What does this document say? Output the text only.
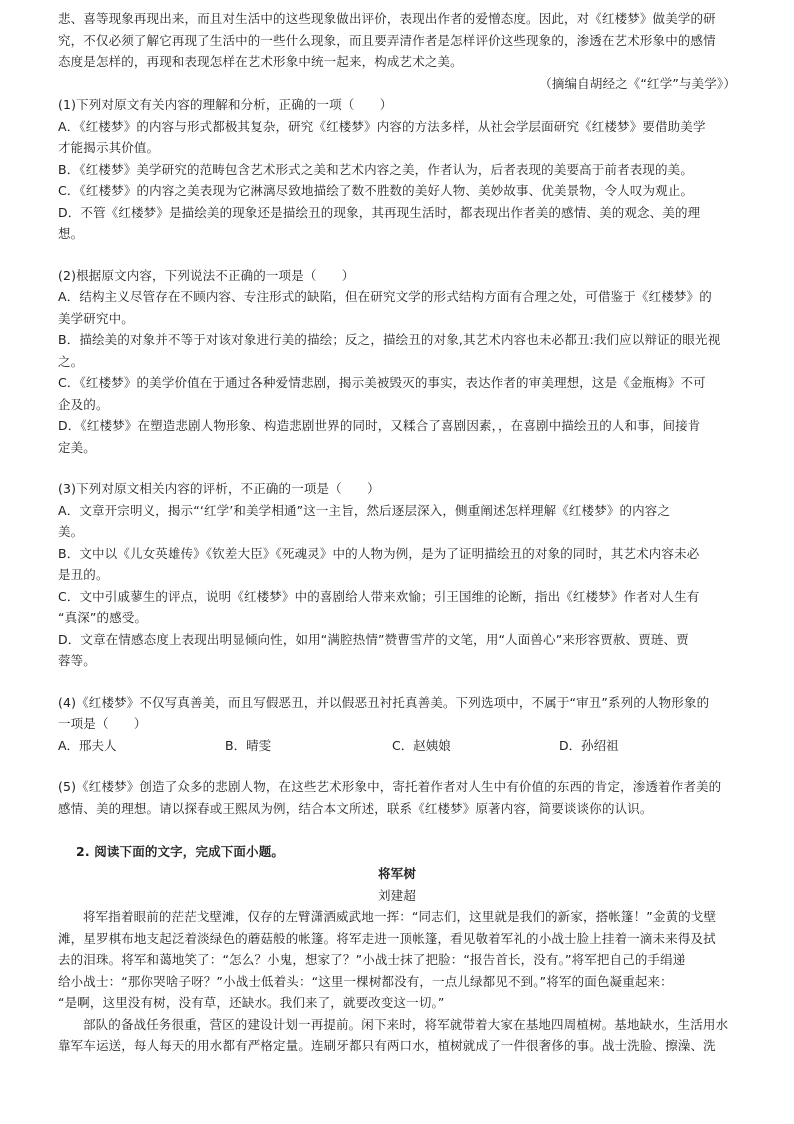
悲、喜等现象再现出来，而且对生活中的这些现象做出评价，表现出作者的爱憎态度。因此，对《红楼梦》做美学的研

究，不仅必须了解它再现了生活中的一些什么现象，而且要弄清作者是怎样评价这些现象的，渗透在艺术形象中的感情

态度是怎样的，再现和表现怎样在艺术形象中统一起来，构成艺术之美。

（摘编自胡经之《“红学”与美学》）

(1)下列对原文有关内容的理解和分析，正确的一项（　　）

A．《红楼梦》的内容与形式都极其复杂，研究《红楼梦》内容的方法多样，从社会学层面研究《红楼梦》要借助美学

才能揭示其价值。

B．《红楼梦》美学研究的范畴包含艺术形式之美和艺术内容之美，作者认为，后者表现的美要高于前者表现的美。

C．《红楼梦》的内容之美表现为它淋漓尽致地描绘了数不胜数的美好人物、美妙故事、优美景物，令人叹为观止。

D．不管《红楼梦》是描绘美的现象还是描绘丑的现象，其再现生活时，都表现出作者美的感情、美的观念、美的理

想。

(2)根据原文内容，下列说法不正确的一项是（　　）

A．结构主义尽管存在不顾内容、专注形式的缺陷，但在研究文学的形式结构方面有合理之处，可借鉴于《红楼梦》的

美学研究中。

B．描绘美的对象并不等于对该对象进行美的描绘；反之，描绘丑的对象,其艺术内容也未必都丑:我们应以辩证的眼光视

之。

C．《红楼梦》的美学价值在于通过各种爱情悲剧，揭示美被毁灭的事实，表达作者的审美理想，这是《金瓶梅》不可

企及的。

D．《红楼梦》在塑造悲剧人物形象、构造悲剧世界的同时，又糅合了喜剧因素，，在喜剧中描绘丑的人和事，间接肯

定美。

(3)下列对原文相关内容的评析，不正确的一项是（　　）

A．文章开宗明义，揭示“‘红学’和美学相通”这一主旨，然后逐层深入，侧重阐述怎样理解《红楼梦》的内容之

美。

B．文中以《儿女英雄传》《钦差大臣》《死魂灵》中的人物为例，是为了证明描绘丑的对象的同时，其艺术内容未必

是丑的。

C．文中引戚蓼生的评点，说明《红楼梦》中的喜剧给人带来欢愉；引王国维的论断，指出《红楼梦》作者对人生有

“真深”的感受。

D．文章在情感态度上表现出明显倾向性，如用“满腔热情”赞曹雪芹的文笔，用“人面兽心”来形容贾赦、贾琏、贾

蓉等。

(4)《红楼梦》不仅写真善美，而且写假恶丑，并以假恶丑衬托真善美。下列选项中，不属于“审丑”系列的人物形象的

一项是（　　）

A．邢夫人	B．晴雯	C．赵姨娘	D．孙绍祖

(5)《红楼梦》创造了众多的悲剧人物，在这些艺术形象中，寄托着作者对人生中有价值的东西的肯定，渗透着作者美的

感情、美的理想。请以探春或王熙凤为例，结合本文所述，联系《红楼梦》原著内容，简要谈谈你的认识。

2. 阅读下面的文字，完成下面小题。

将军树

刘建超

将军指着眼前的茫茫戈壁滩，仅存的左臂潇洒威武地一挥：“同志们，这里就是我们的新家，搭帐篷！”金黄的戈壁

滩，星罗棋布地支起泛着淡绿色的蘑菇般的帐篷。将军走进一顶帐篷，看见敬着军礼的小战士脸上挂着一滴未来得及拭

去的泪珠。将军和蔼地笑了：“怎么？小鬼，想家了？”小战士抹了把脸：“报告首长，没有。”将军把自己的手绢递

给小战士：“那你哭啥子呀？”小战士低着头：“这里一棵树都没有，一点儿绿都见不到。”将军的面色凝重起来：

“是啊，这里没有树，没有草，还缺水。我们来了，就要改变这一切。”

部队的备战任务很重，营区的建设计划一再提前。闲下来时，将军就带着大家在基地四周植树。基地缺水，生活用水

靠军车运送，每人每天的用水都有严格定量。连刷牙都只有两口水，植树就成了一件很奢侈的事。战士洗脸、擦澡、洗
